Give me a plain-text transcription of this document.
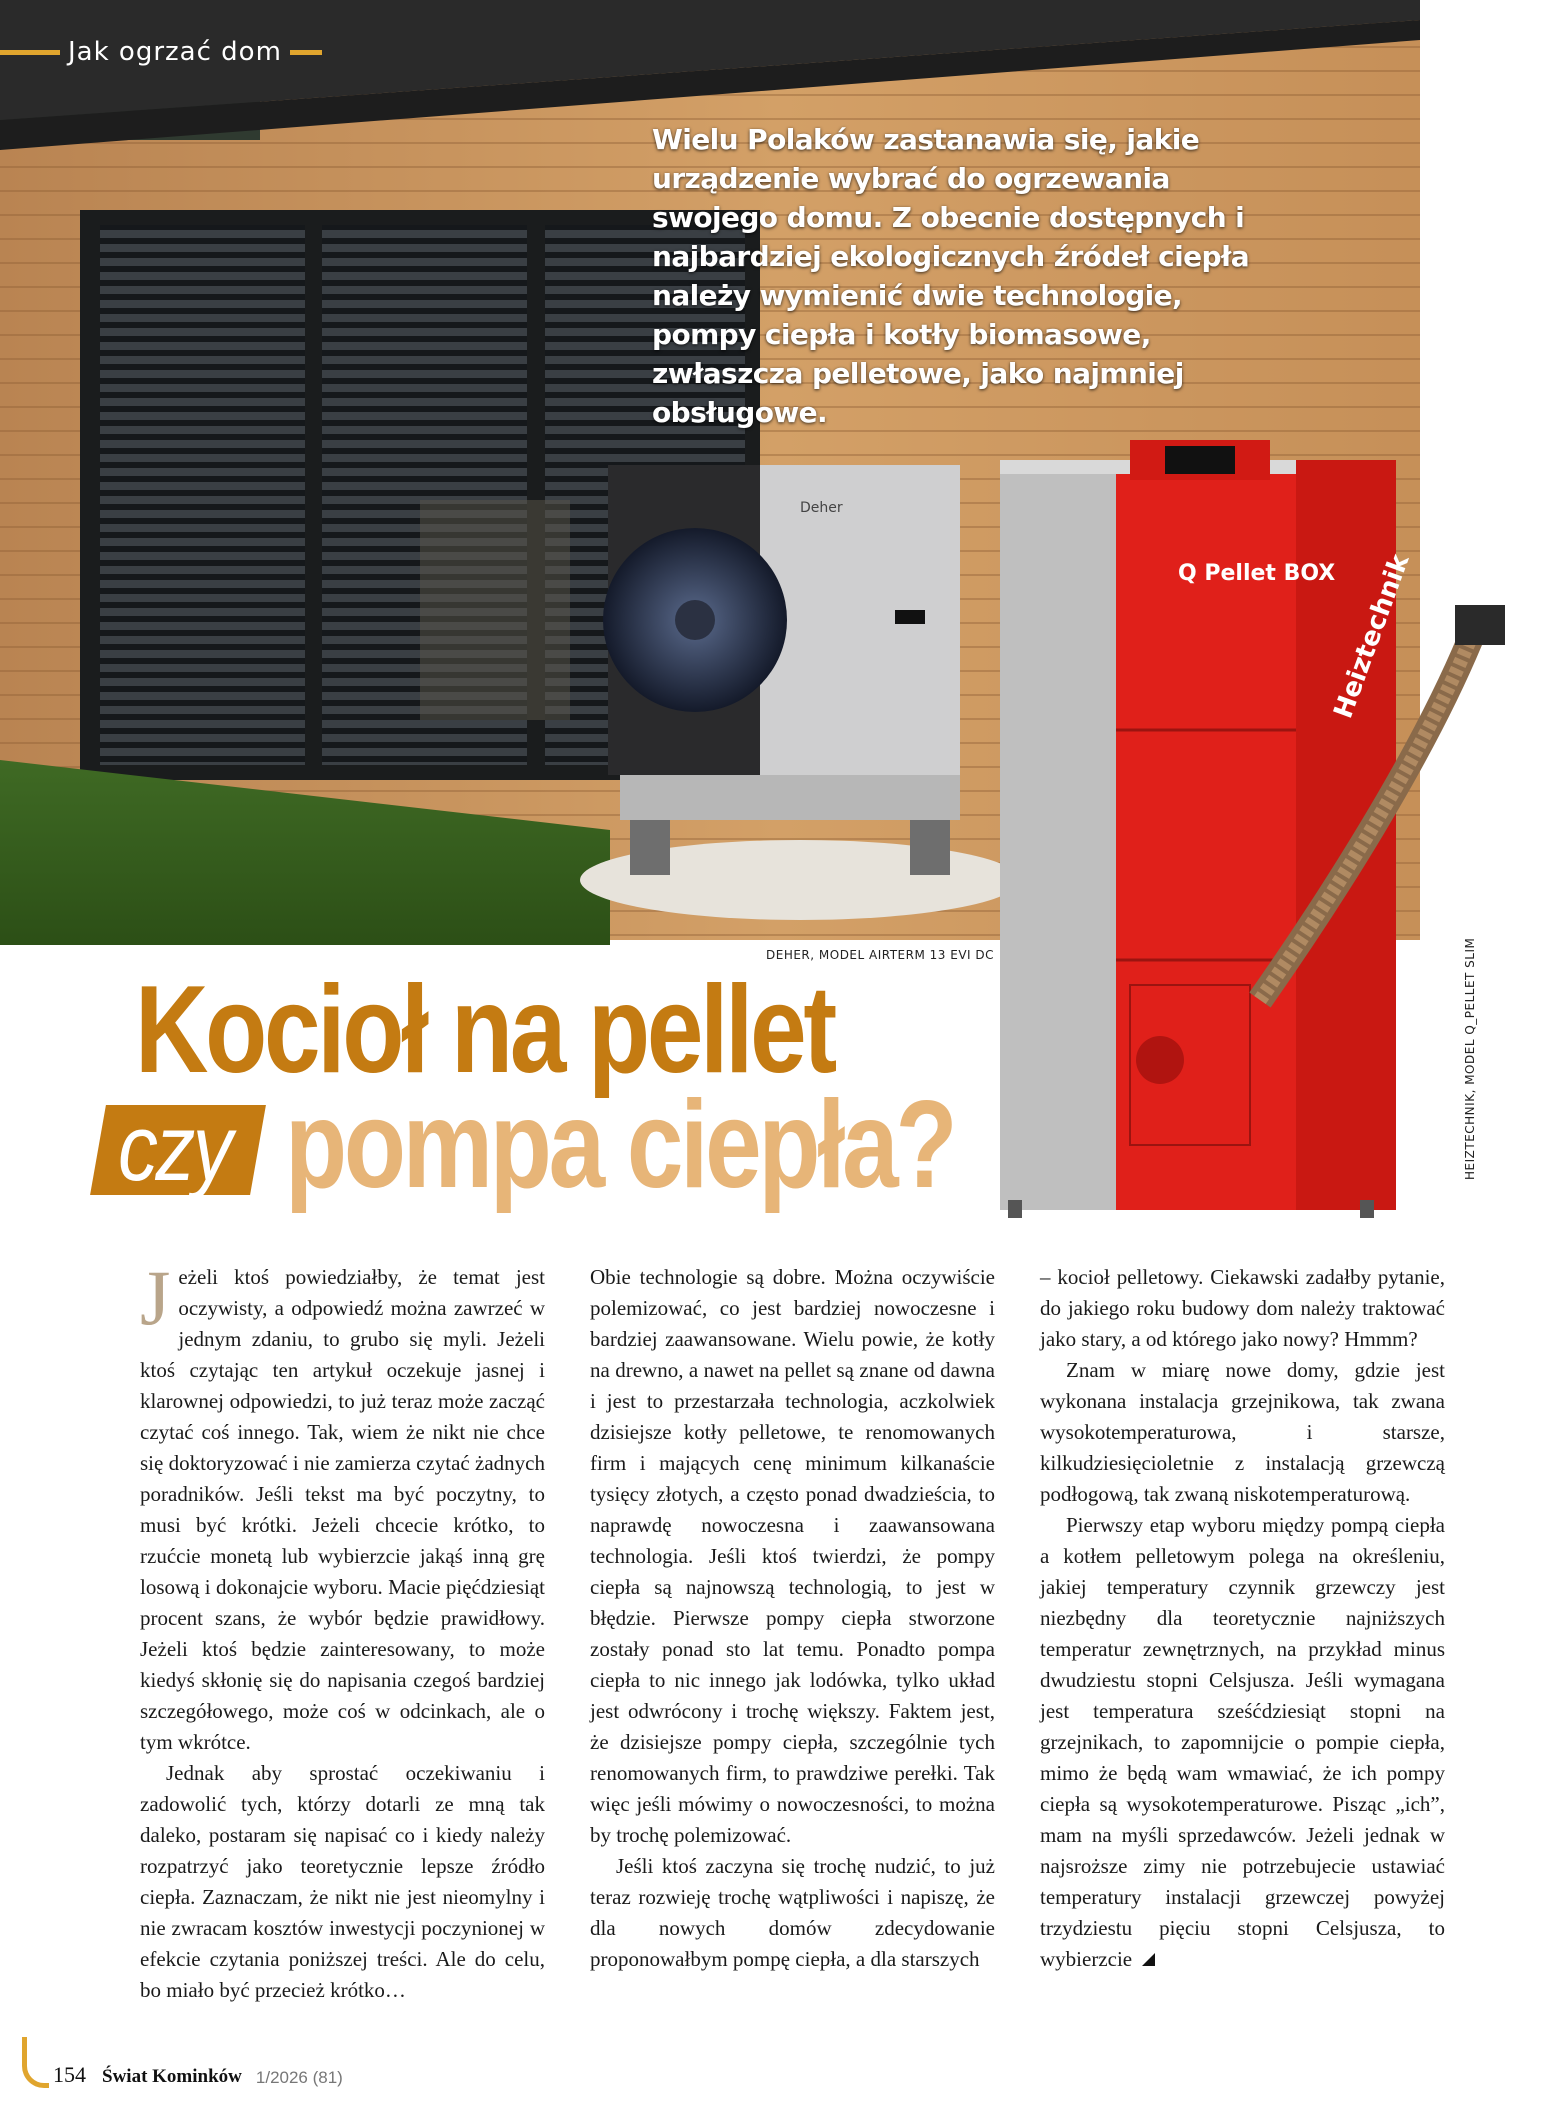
Deher
Q Pellet BOX
Heiztechnik
Jak ogrzać dom
Wielu Polaków zastanawia się, jakie urządzenie wybrać do ogrzewania swojego domu. Z obecnie dostępnych i najbardziej ekologicznych źródeł ciepła należy wymienić dwie technologie, pompy ciepła i kotły biomasowe, zwłaszcza pelletowe, jako najmniej obsługowe.
DEHER, MODEL AIRTERM 13 EVI DC	HEIZTECHNIK, MODEL Q_PELLET SLIM
Kocioł na pellet
czy pompa ciepła?

Jeżeli ktoś powiedziałby, że temat jest oczywisty, a odpowiedź można zawrzeć w jednym zdaniu, to grubo się myli. Jeżeli ktoś czytając ten artykuł oczekuje jasnej i klarownej odpowiedzi, to już teraz może zacząć czytać coś innego. Tak, wiem że nikt nie chce się doktoryzować i nie zamierza czytać żadnych poradników. Jeśli tekst ma być poczytny, to musi być krótki. Jeżeli chcecie krótko, to rzućcie monetą lub wybierzcie jakąś inną grę losową i dokonajcie wyboru. Macie pięćdziesiąt procent szans, że wybór będzie prawidłowy. Jeżeli ktoś będzie zainteresowany, to może kiedyś skłonię się do napisania czegoś bardziej szczegółowego, może coś w odcinkach, ale o tym wkrótce.

Jednak aby sprostać oczekiwaniu i zadowolić tych, którzy dotarli ze mną tak daleko, postaram się napisać co i kiedy należy rozpatrzyć jako teoretycznie lepsze źródło ciepła. Zaznaczam, że nikt nie jest nieomylny i nie zwracam kosztów inwestycji poczynionej w efekcie czytania poniższej treści. Ale do celu, bo miało być przecież krótko…

Obie technologie są dobre. Można oczywiście polemizować, co jest bardziej nowoczesne i bardziej zaawansowane. Wielu powie, że kotły na drewno, a nawet na pellet są znane od dawna i jest to przestarzała technologia, aczkolwiek dzisiejsze kotły pelletowe, te renomowanych firm i mających cenę minimum kilkanaście tysięcy złotych, a często ponad dwadzieścia, to naprawdę nowoczesna i zaawansowana technologia. Jeśli ktoś twierdzi, że pompy ciepła są najnowszą technologią, to jest w błędzie. Pierwsze pompy ciepła stworzone zostały ponad sto lat temu. Ponadto pompa ciepła to nic innego jak lodówka, tylko układ jest odwrócony i trochę większy. Faktem jest, że dzisiejsze pompy ciepła, szczególnie tych renomowanych firm, to prawdziwe perełki. Tak więc jeśli mówimy o nowoczesności, to można by trochę polemizować.

Jeśli ktoś zaczyna się trochę nudzić, to już teraz rozwieję trochę wątpliwości i napiszę, że dla nowych domów zdecydowanie proponowałbym pompę ciepła, a dla starszych

– kocioł pelletowy. Ciekawski zadałby pytanie, do jakiego roku budowy dom należy traktować jako stary, a od którego jako nowy? Hmmm?

Znam w miarę nowe domy, gdzie jest wykonana instalacja grzejnikowa, tak zwana wysokotemperaturowa, i starsze, kilkudziesięcioletnie z instalacją grzewczą podłogową, tak zwaną niskotemperaturową.

Pierwszy etap wyboru między pompą ciepła a kotłem pelletowym polega na określeniu, jakiej temperatury czynnik grzewczy jest niezbędny dla teoretycznie najniższych temperatur zewnętrznych, na przykład minus dwudziestu stopni Celsjusza. Jeśli wymagana jest temperatura sześćdziesiąt stopni na grzejnikach, to zapomnijcie o pompie ciepła, mimo że będą wam wmawiać, że ich pompy ciepła są wysokotemperaturowe. Pisząc „ich”, mam na myśli sprzedawców. Jeżeli jednak w najsroższe zimy nie potrzebujecie ustawiać temperatury instalacji grzewczej powyżej trzydziestu pięciu stopni Celsjusza, to wybierzcie

154 Świat Kominków 1/2026 (81)
